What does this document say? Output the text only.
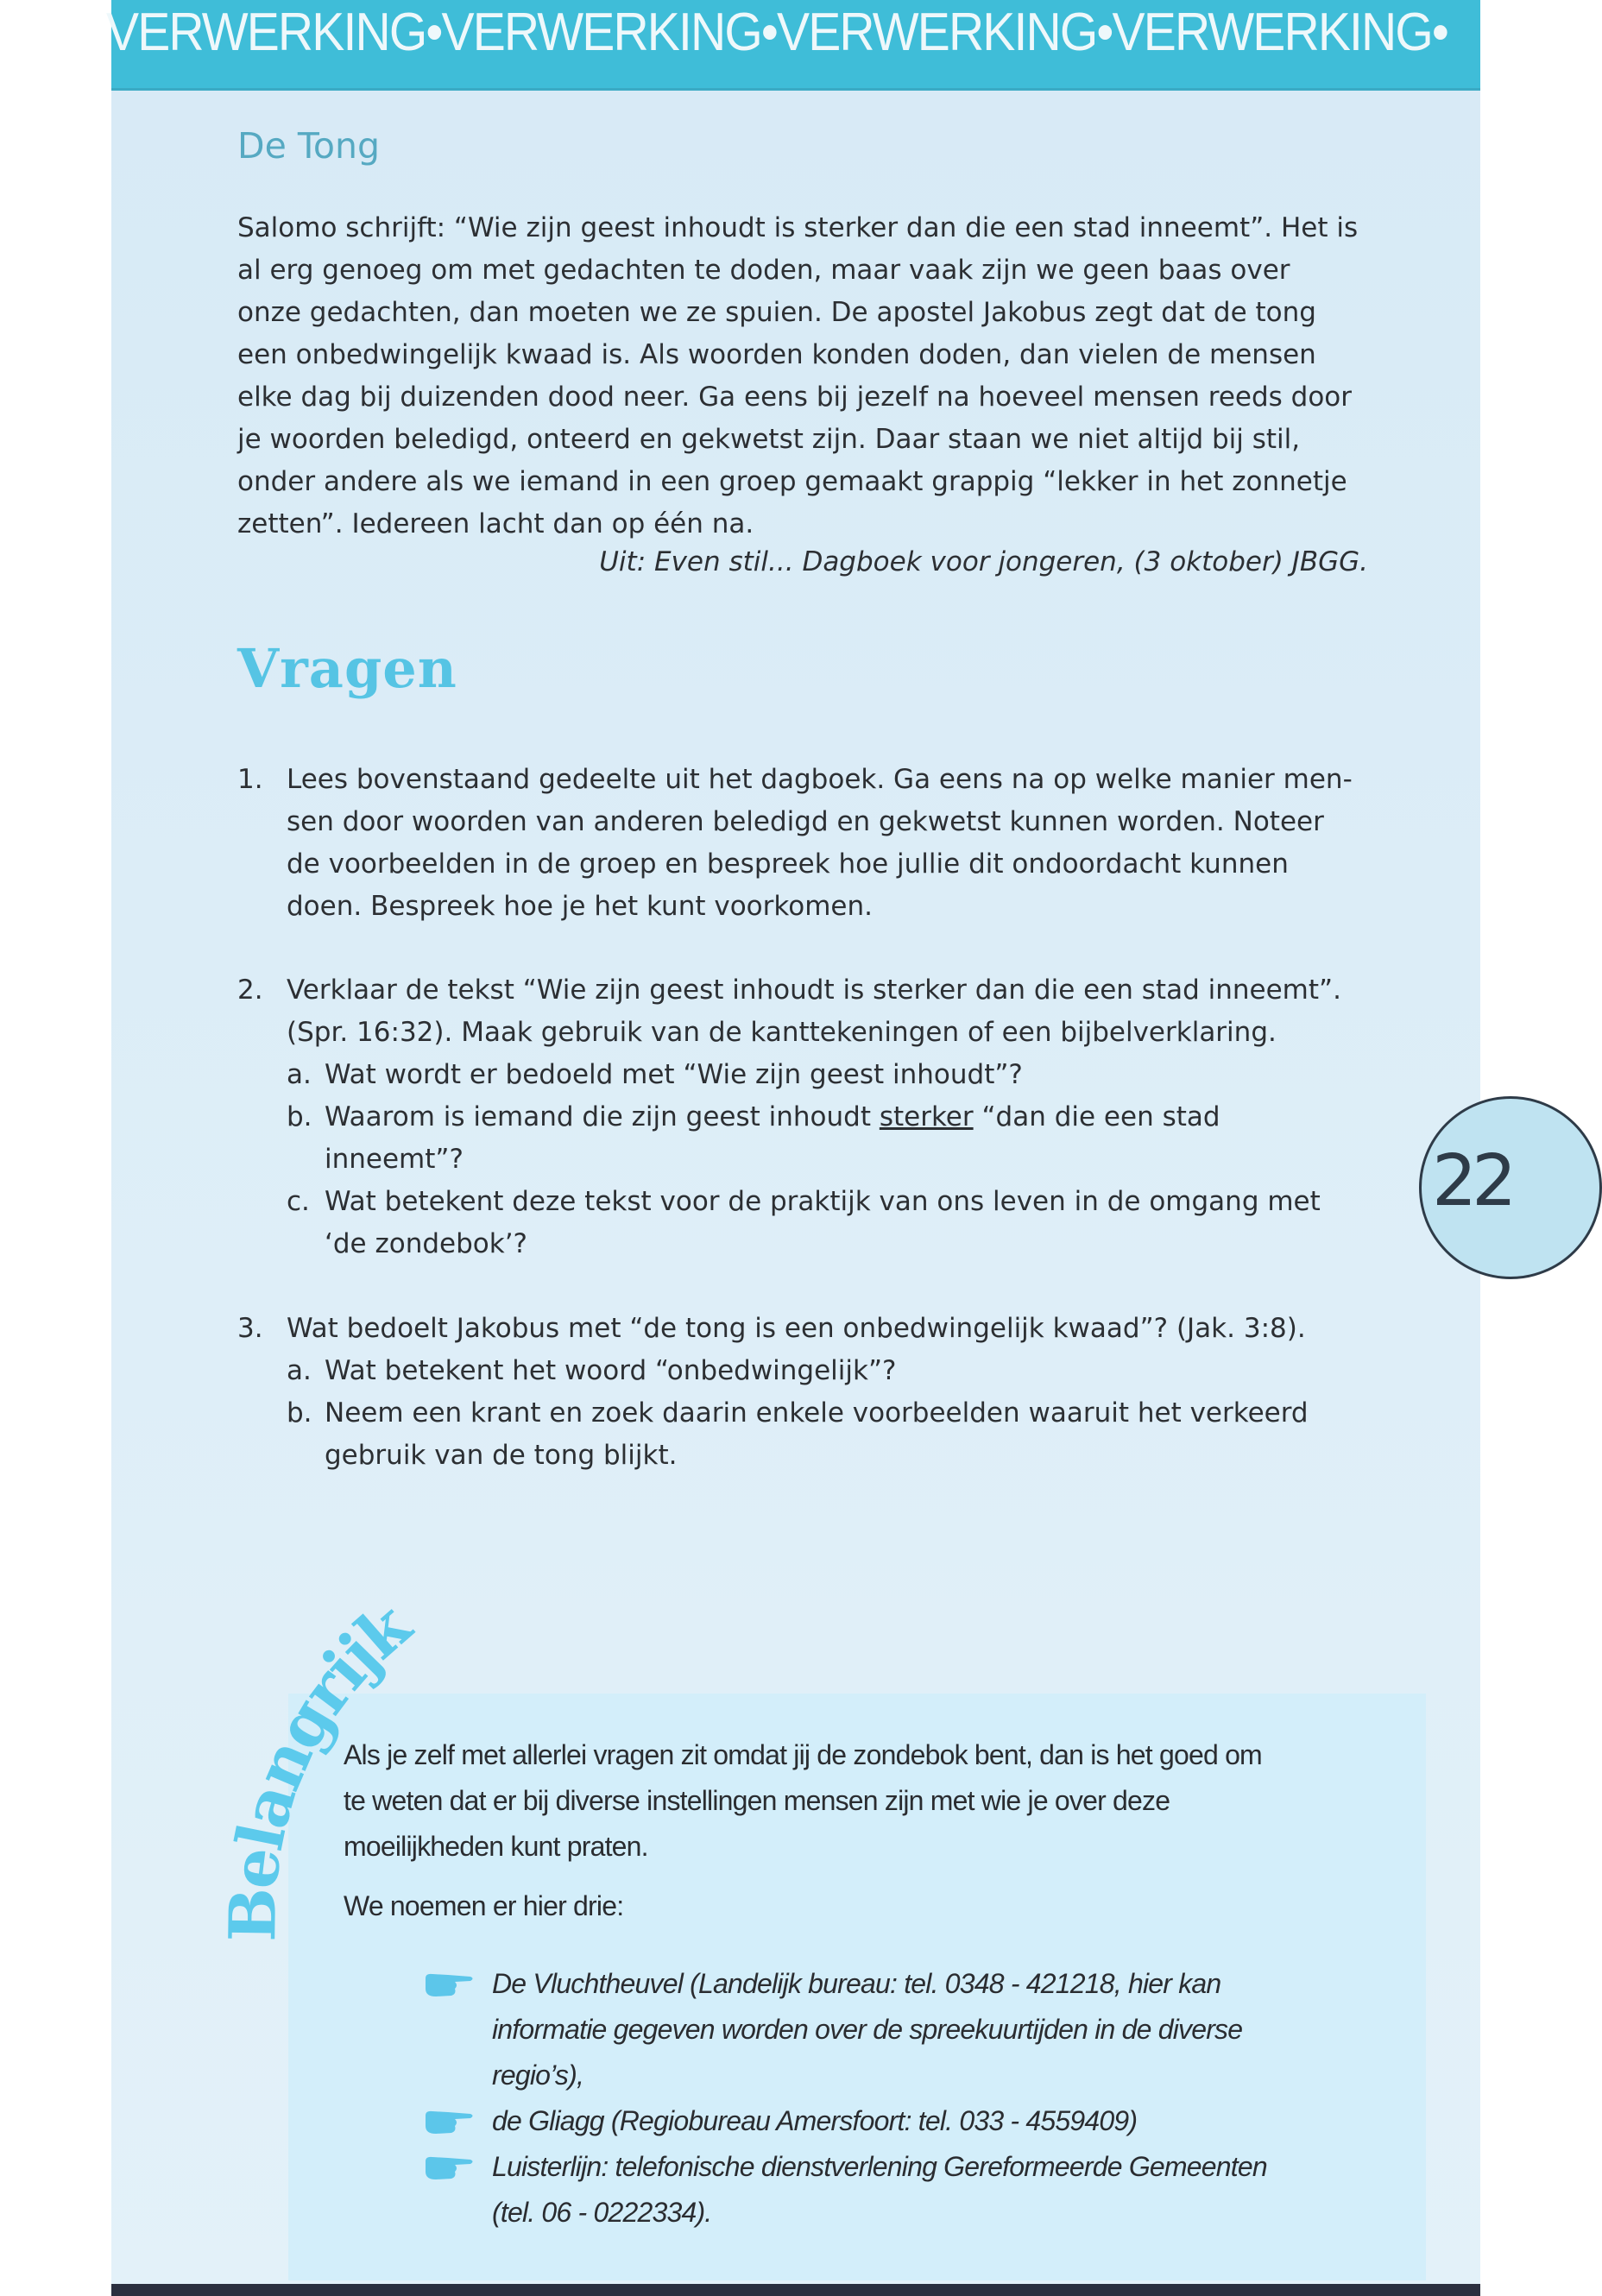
VERWERKING•VERWERKING•VERWERKING•VERWERKING•
De Tong
Salomo schrijft: “Wie zijn geest inhoudt is sterker dan die een stad inneemt”. Het is
al erg genoeg om met gedachten te doden, maar vaak zijn we geen baas over
onze gedachten, dan moeten we ze spuien. De apostel Jakobus zegt dat de tong
een onbedwingelijk kwaad is. Als woorden konden doden, dan vielen de mensen
elke dag bij duizenden dood neer. Ga eens bij jezelf na hoeveel mensen reeds door
je woorden beledigd, onteerd en gekwetst zijn. Daar staan we niet altijd bij stil,
onder andere als we iemand in een groep gemaakt grappig “lekker in het zonnetje
zetten”. Iedereen lacht dan op één na.
Uit: Even stil... Dagboek voor jongeren, (3 oktober) JBGG.
Vragen
1. Lees bovenstaand gedeelte uit het dagboek. Ga eens na op welke manier men-
sen door woorden van anderen beledigd en gekwetst kunnen worden. Noteer
de voorbeelden in de groep en bespreek hoe jullie dit ondoordacht kunnen
doen. Bespreek hoe je het kunt voorkomen.
2. Verklaar de tekst “Wie zijn geest inhoudt is sterker dan die een stad inneemt”.
(Spr. 16:32). Maak gebruik van de kanttekeningen of een bijbelverklaring.
a. Wat wordt er bedoeld met “Wie zijn geest inhoudt”?
b. Waarom is iemand die zijn geest inhoudt sterker “dan die een stad
inneemt”?
c. Wat betekent deze tekst voor de praktijk van ons leven in de omgang met
‘de zondebok’?
3. Wat bedoelt Jakobus met “de tong is een onbedwingelijk kwaad”? (Jak. 3:8).
a. Wat betekent het woord “onbedwingelijk”?
b. Neem een krant en zoek daarin enkele voorbeelden waaruit het verkeerd
gebruik van de tong blijkt.
Belangrijk
Als je zelf met allerlei vragen zit omdat jij de zondebok bent, dan is het goed om
te weten dat er bij diverse instellingen mensen zijn met wie je over deze
moeilijkheden kunt praten.
We noemen er hier drie:
De Vluchtheuvel (Landelijk bureau: tel. 0348 - 421218, hier kan
informatie gegeven worden over de spreekuurtijden in de diverse
regio’s),
de Gliagg (Regiobureau Amersfoort: tel. 033 - 4559409)
Luisterlijn: telefonische dienstverlening Gereformeerde Gemeenten
(tel. 06 - 0222334).
22
